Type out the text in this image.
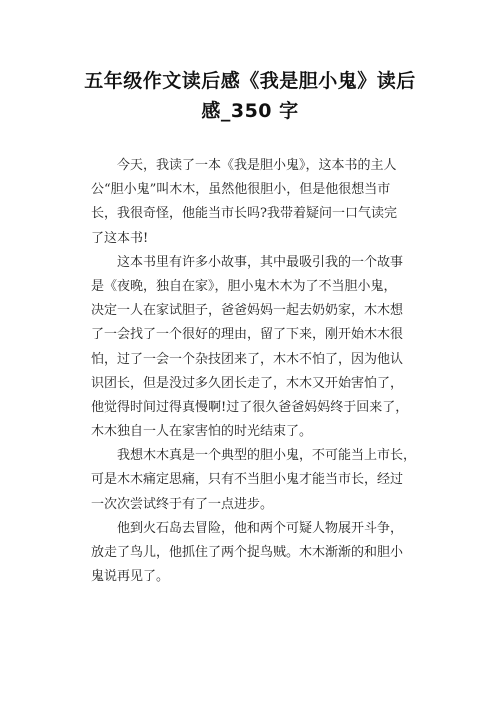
五年级作文读后感《我是胆小鬼》读后
感_350 字
今天，我读了一本《我是胆小鬼》，这本书的主人
公“胆小鬼”叫木木，虽然他很胆小，但是他很想当市
长，我很奇怪，他能当市长吗?我带着疑问一口气读完
了这本书!
这本书里有许多小故事，其中最吸引我的一个故事
是《夜晚，独自在家》，胆小鬼木木为了不当胆小鬼，
决定一人在家试胆子，爸爸妈妈一起去奶奶家，木木想
了一会找了一个很好的理由，留了下来，刚开始木木很
怕，过了一会一个杂技团来了，木木不怕了，因为他认
识团长，但是没过多久团长走了，木木又开始害怕了，
他觉得时间过得真慢啊!过了很久爸爸妈妈终于回来了，
木木独自一人在家害怕的时光结束了。
我想木木真是一个典型的胆小鬼，不可能当上市长，
可是木木痛定思痛，只有不当胆小鬼才能当市长，经过
一次次尝试终于有了一点进步。
他到火石岛去冒险，他和两个可疑人物展开斗争，
放走了鸟儿，他抓住了两个捉鸟贼。木木渐渐的和胆小
鬼说再见了。
